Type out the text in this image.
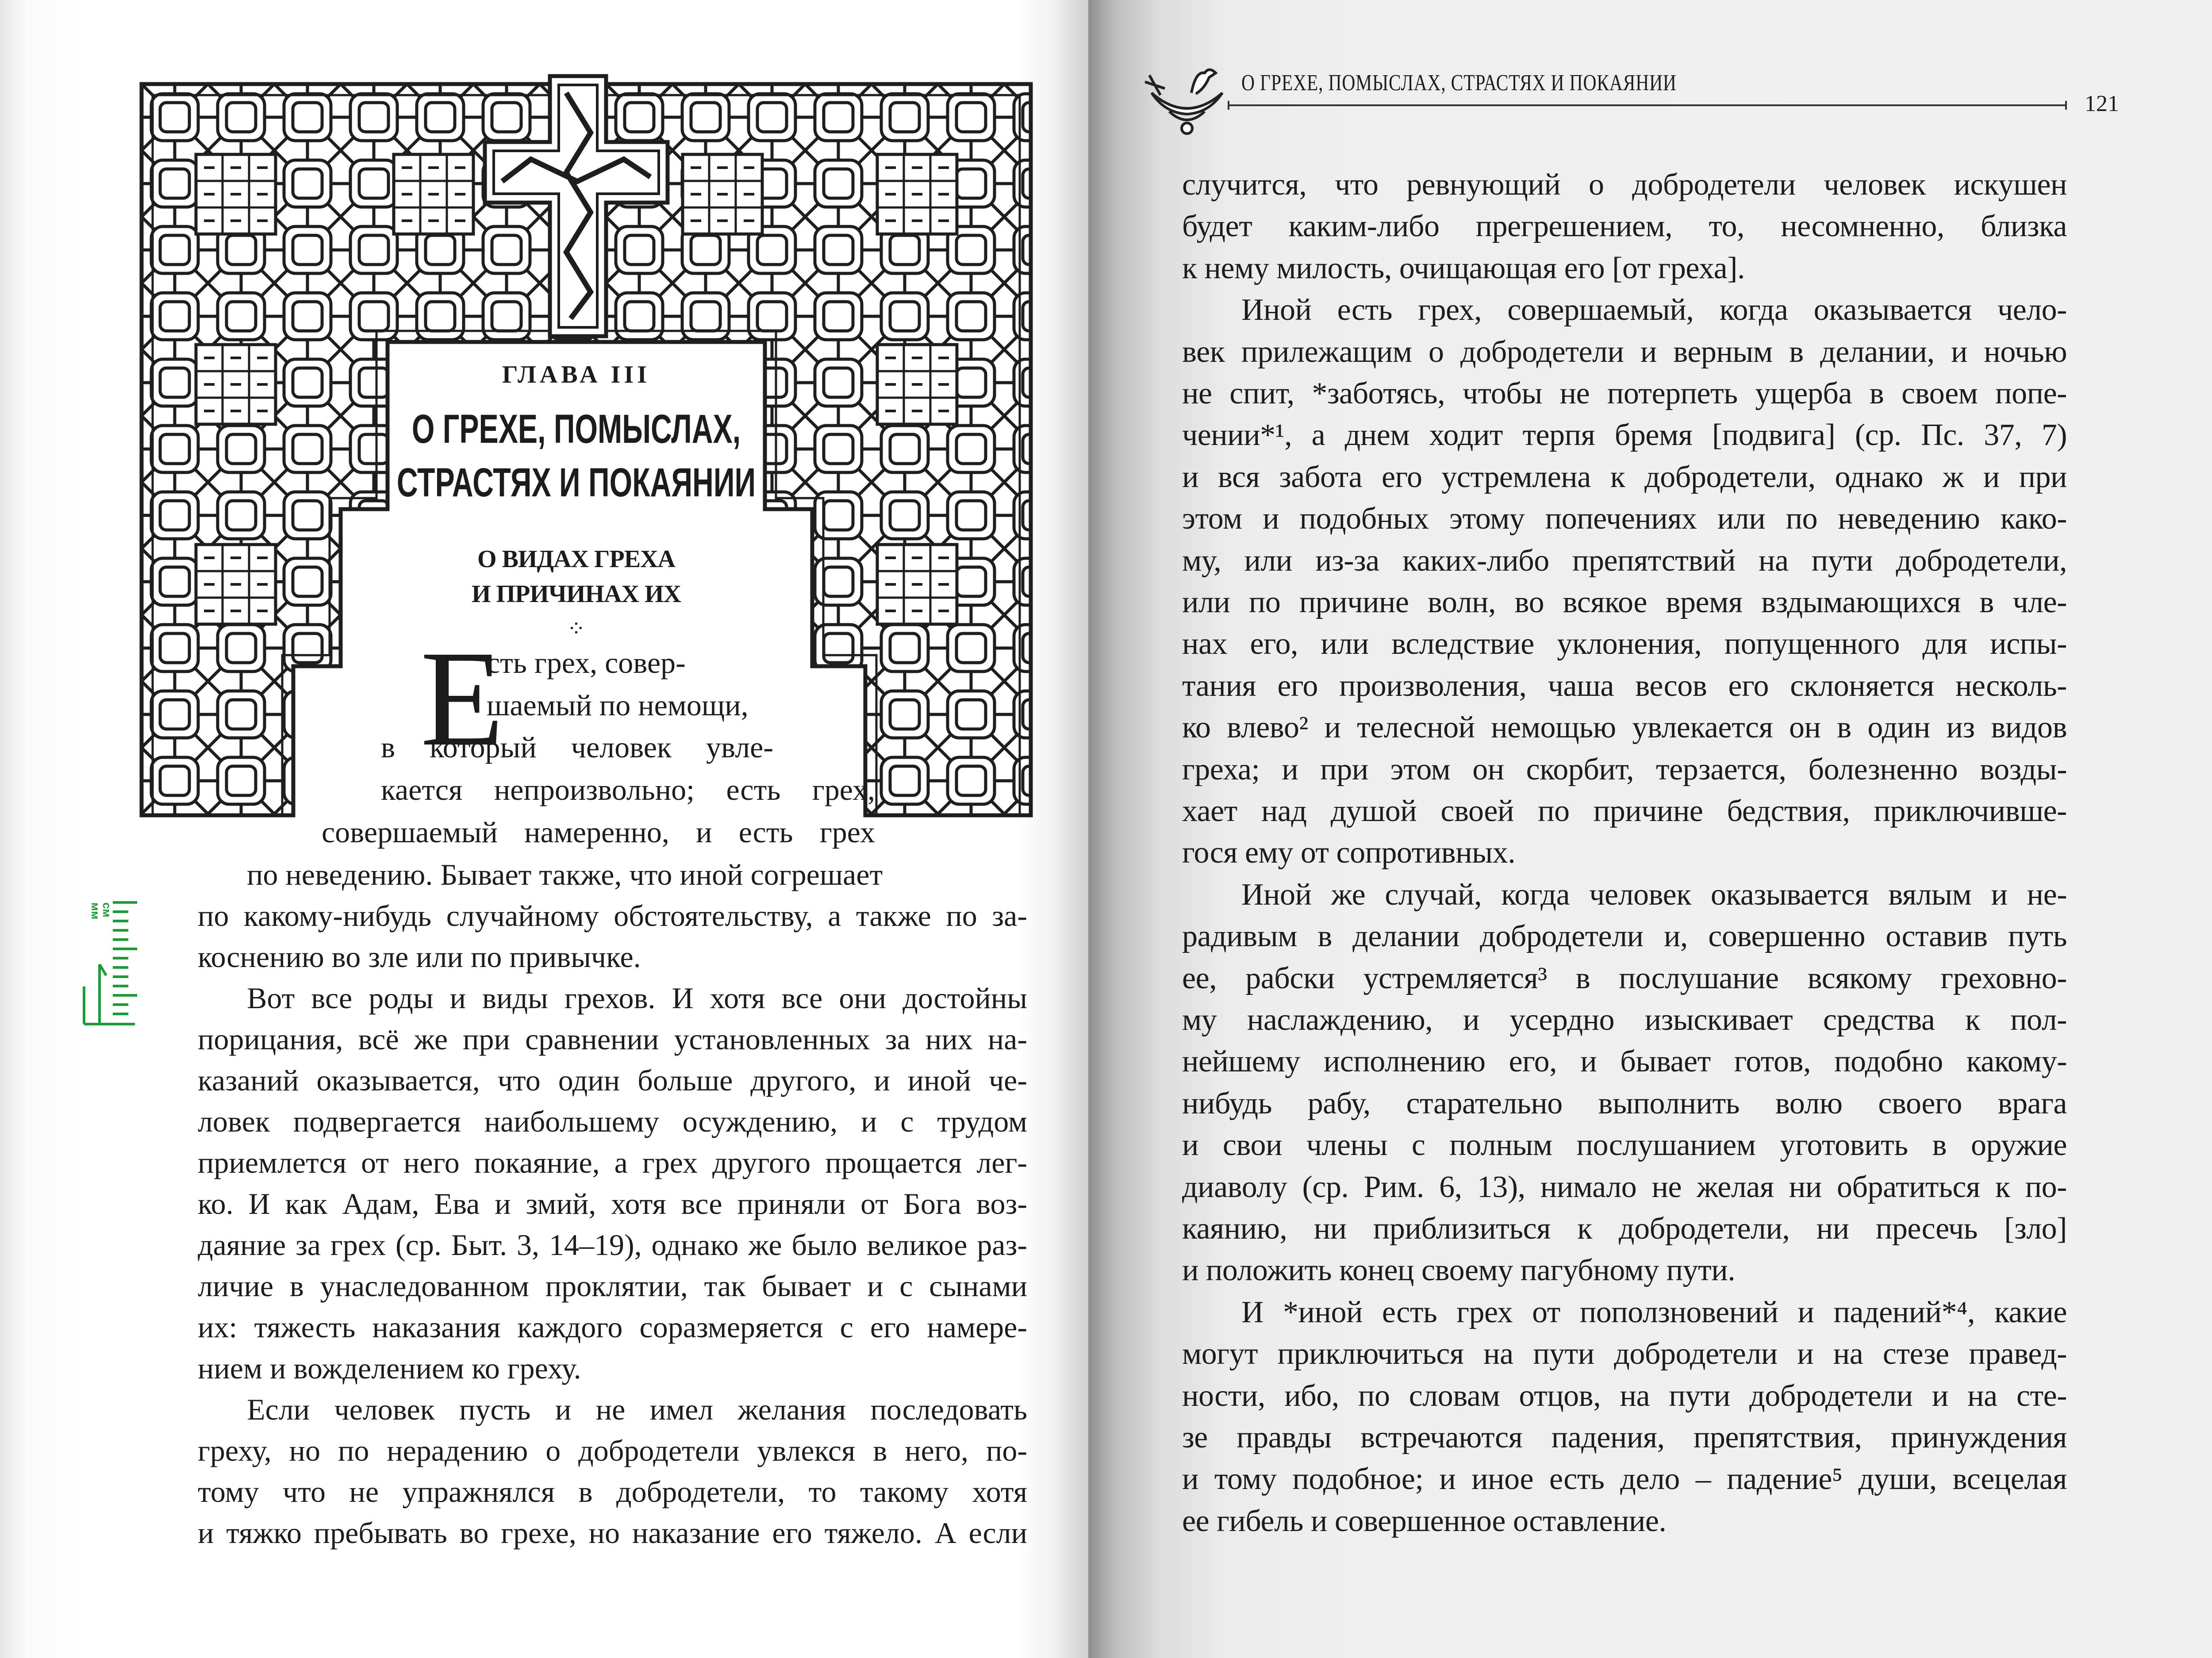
ГЛАВА III
О ГРЕХЕ, ПОМЫСЛАХ,
СТРАСТЯХ И ПОКАЯНИИ
О ВИДАХ ГРЕХА
И ПРИЧИНАХ ИХ
⁘
Е
сть грех, совер-
шаемый по немощи,
в который человек увле-
кается непроизвольно; есть грех,
совершаемый намеренно, и есть грех
по неведению. Бывает также, что иной согрешает
по какому-нибудь случайному обстоятельству, а также по за-
коснению во зле или по привычке.
Вот все роды и виды грехов. И хотя все они достойны
порицания, всё же при сравнении установленных за них на-
казаний оказывается, что один больше другого, и иной че-
ловек подвергается наибольшему осуждению, и с трудом
приемлется от него покаяние, а грех другого прощается лег-
ко. И как Адам, Ева и змий, хотя все приняли от Бога воз-
даяние за грех (ср. Быт. 3, 14–19), однако же было великое раз-
личие в унаследованном проклятии, так бывает и с сынами
их: тяжесть наказания каждого соразмеряется с его намере-
нием и вожделением ко греху.
Если человек пусть и не имел желания последовать
греху, но по нерадению о добродетели увлекся в него, по-
тому что не упражнялся в добродетели, то такому хотя
и тяжко пребывать во грехе, но наказание его тяжело. А если
мм
см
О ГРЕХЕ, ПОМЫСЛАХ, СТРАСТЯХ И ПОКАЯНИИ
121
случится, что ревнующий о добродетели человек искушен
будет каким-либо прегрешением, то, несомненно, близка
к нему милость, очищающая его [от греха].
Иной есть грех, совершаемый, когда оказывается чело-
век прилежащим о добродетели и верным в делании, и ночью
не спит, *заботясь, чтобы не потерпеть ущерба в своем попе-
чении*¹, а днем ходит терпя бремя [подвига] (ср. Пс. 37, 7)
и вся забота его устремлена к добродетели, однако ж и при
этом и подобных этому попечениях или по неведению како-
му, или из-за каких-либо препятствий на пути добродетели,
или по причине волн, во всякое время вздымающихся в чле-
нах его, или вследствие уклонения, попущенного для испы-
тания его произволения, чаша весов его склоняется несколь-
ко влево² и телесной немощью увлекается он в один из видов
греха; и при этом он скорбит, терзается, болезненно возды-
хает над душой своей по причине бедствия, приключивше-
гося ему от сопротивных.
Иной же случай, когда человек оказывается вялым и не-
радивым в делании добродетели и, совершенно оставив путь
ее, рабски устремляется³ в послушание всякому греховно-
му наслаждению, и усердно изыскивает средства к пол-
нейшему исполнению его, и бывает готов, подобно какому-
нибудь рабу, старательно выполнить волю своего врага
и свои члены с полным послушанием уготовить в оружие
диаволу (ср. Рим. 6, 13), нимало не желая ни обратиться к по-
каянию, ни приблизиться к добродетели, ни пресечь [зло]
и положить конец своему пагубному пути.
И *иной есть грех от поползновений и падений*⁴, какие
могут приключиться на пути добродетели и на стезе правед-
ности, ибо, по словам отцов, на пути добродетели и на сте-
зе правды встречаются падения, препятствия, принуждения
и тому подобное; и иное есть дело – падение⁵ души, всецелая
ее гибель и совершенное оставление.
